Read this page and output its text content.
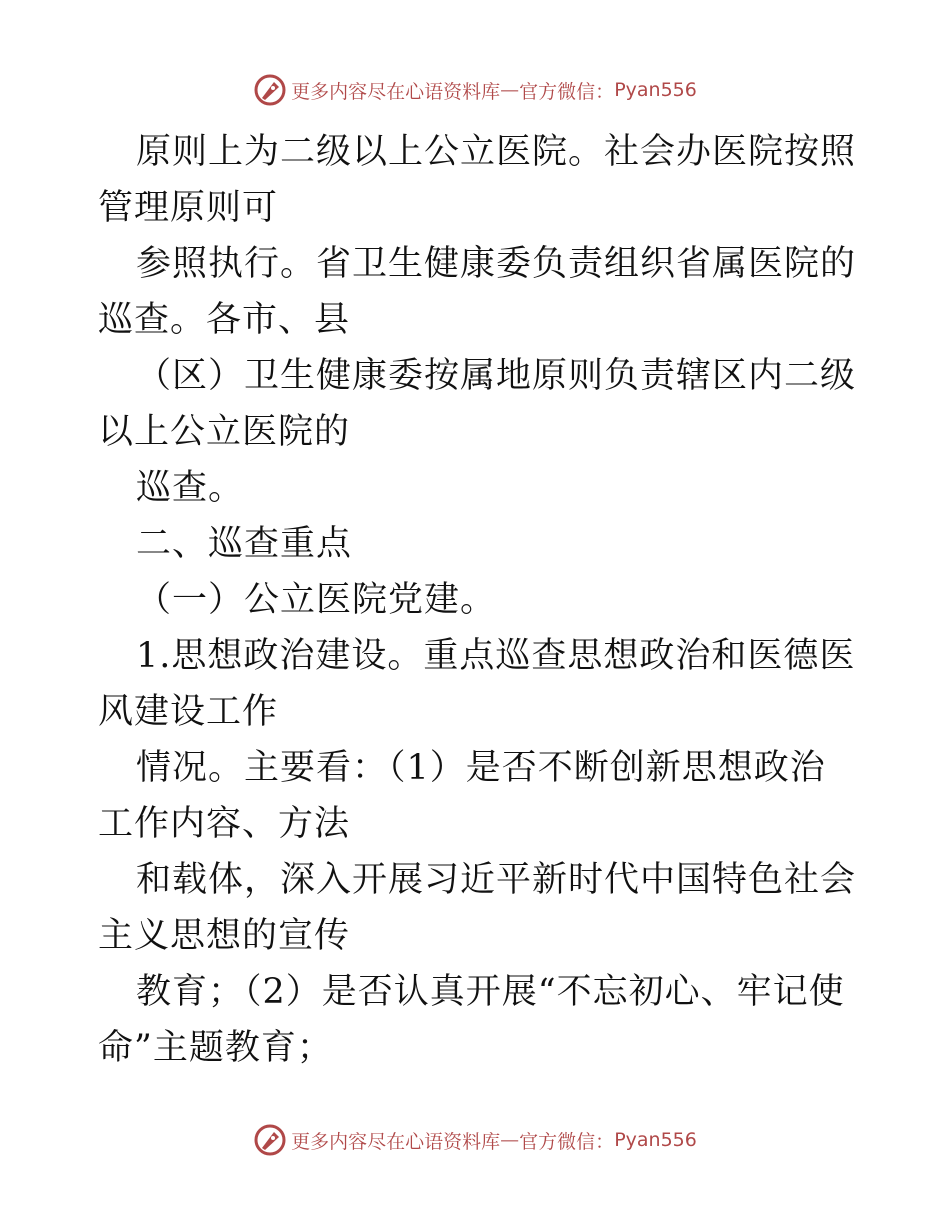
更多内容尽在心语资料库 — 官方微信： Pyan556

原则上为二级以上公立医院。社会办医院按照管理原则可

参照执行。省卫生健康委负责组织省属医院的巡查。各市、县

（区）卫生健康委按属地原则负责辖区内二级以上公立医院的

巡查。

二、巡查重点

（一）公立医院党建。

1.思想政治建设。重点巡查思想政治和医德医风建设工作

情况。主要看：（1）是否不断创新思想政治工作内容、方法

和载体，深入开展习近平新时代中国特色社会主义思想的宣传

教育；（2）是否认真开展“不忘初心、牢记使命”主题教育；

更多内容尽在心语资料库 — 官方微信： Pyan556
